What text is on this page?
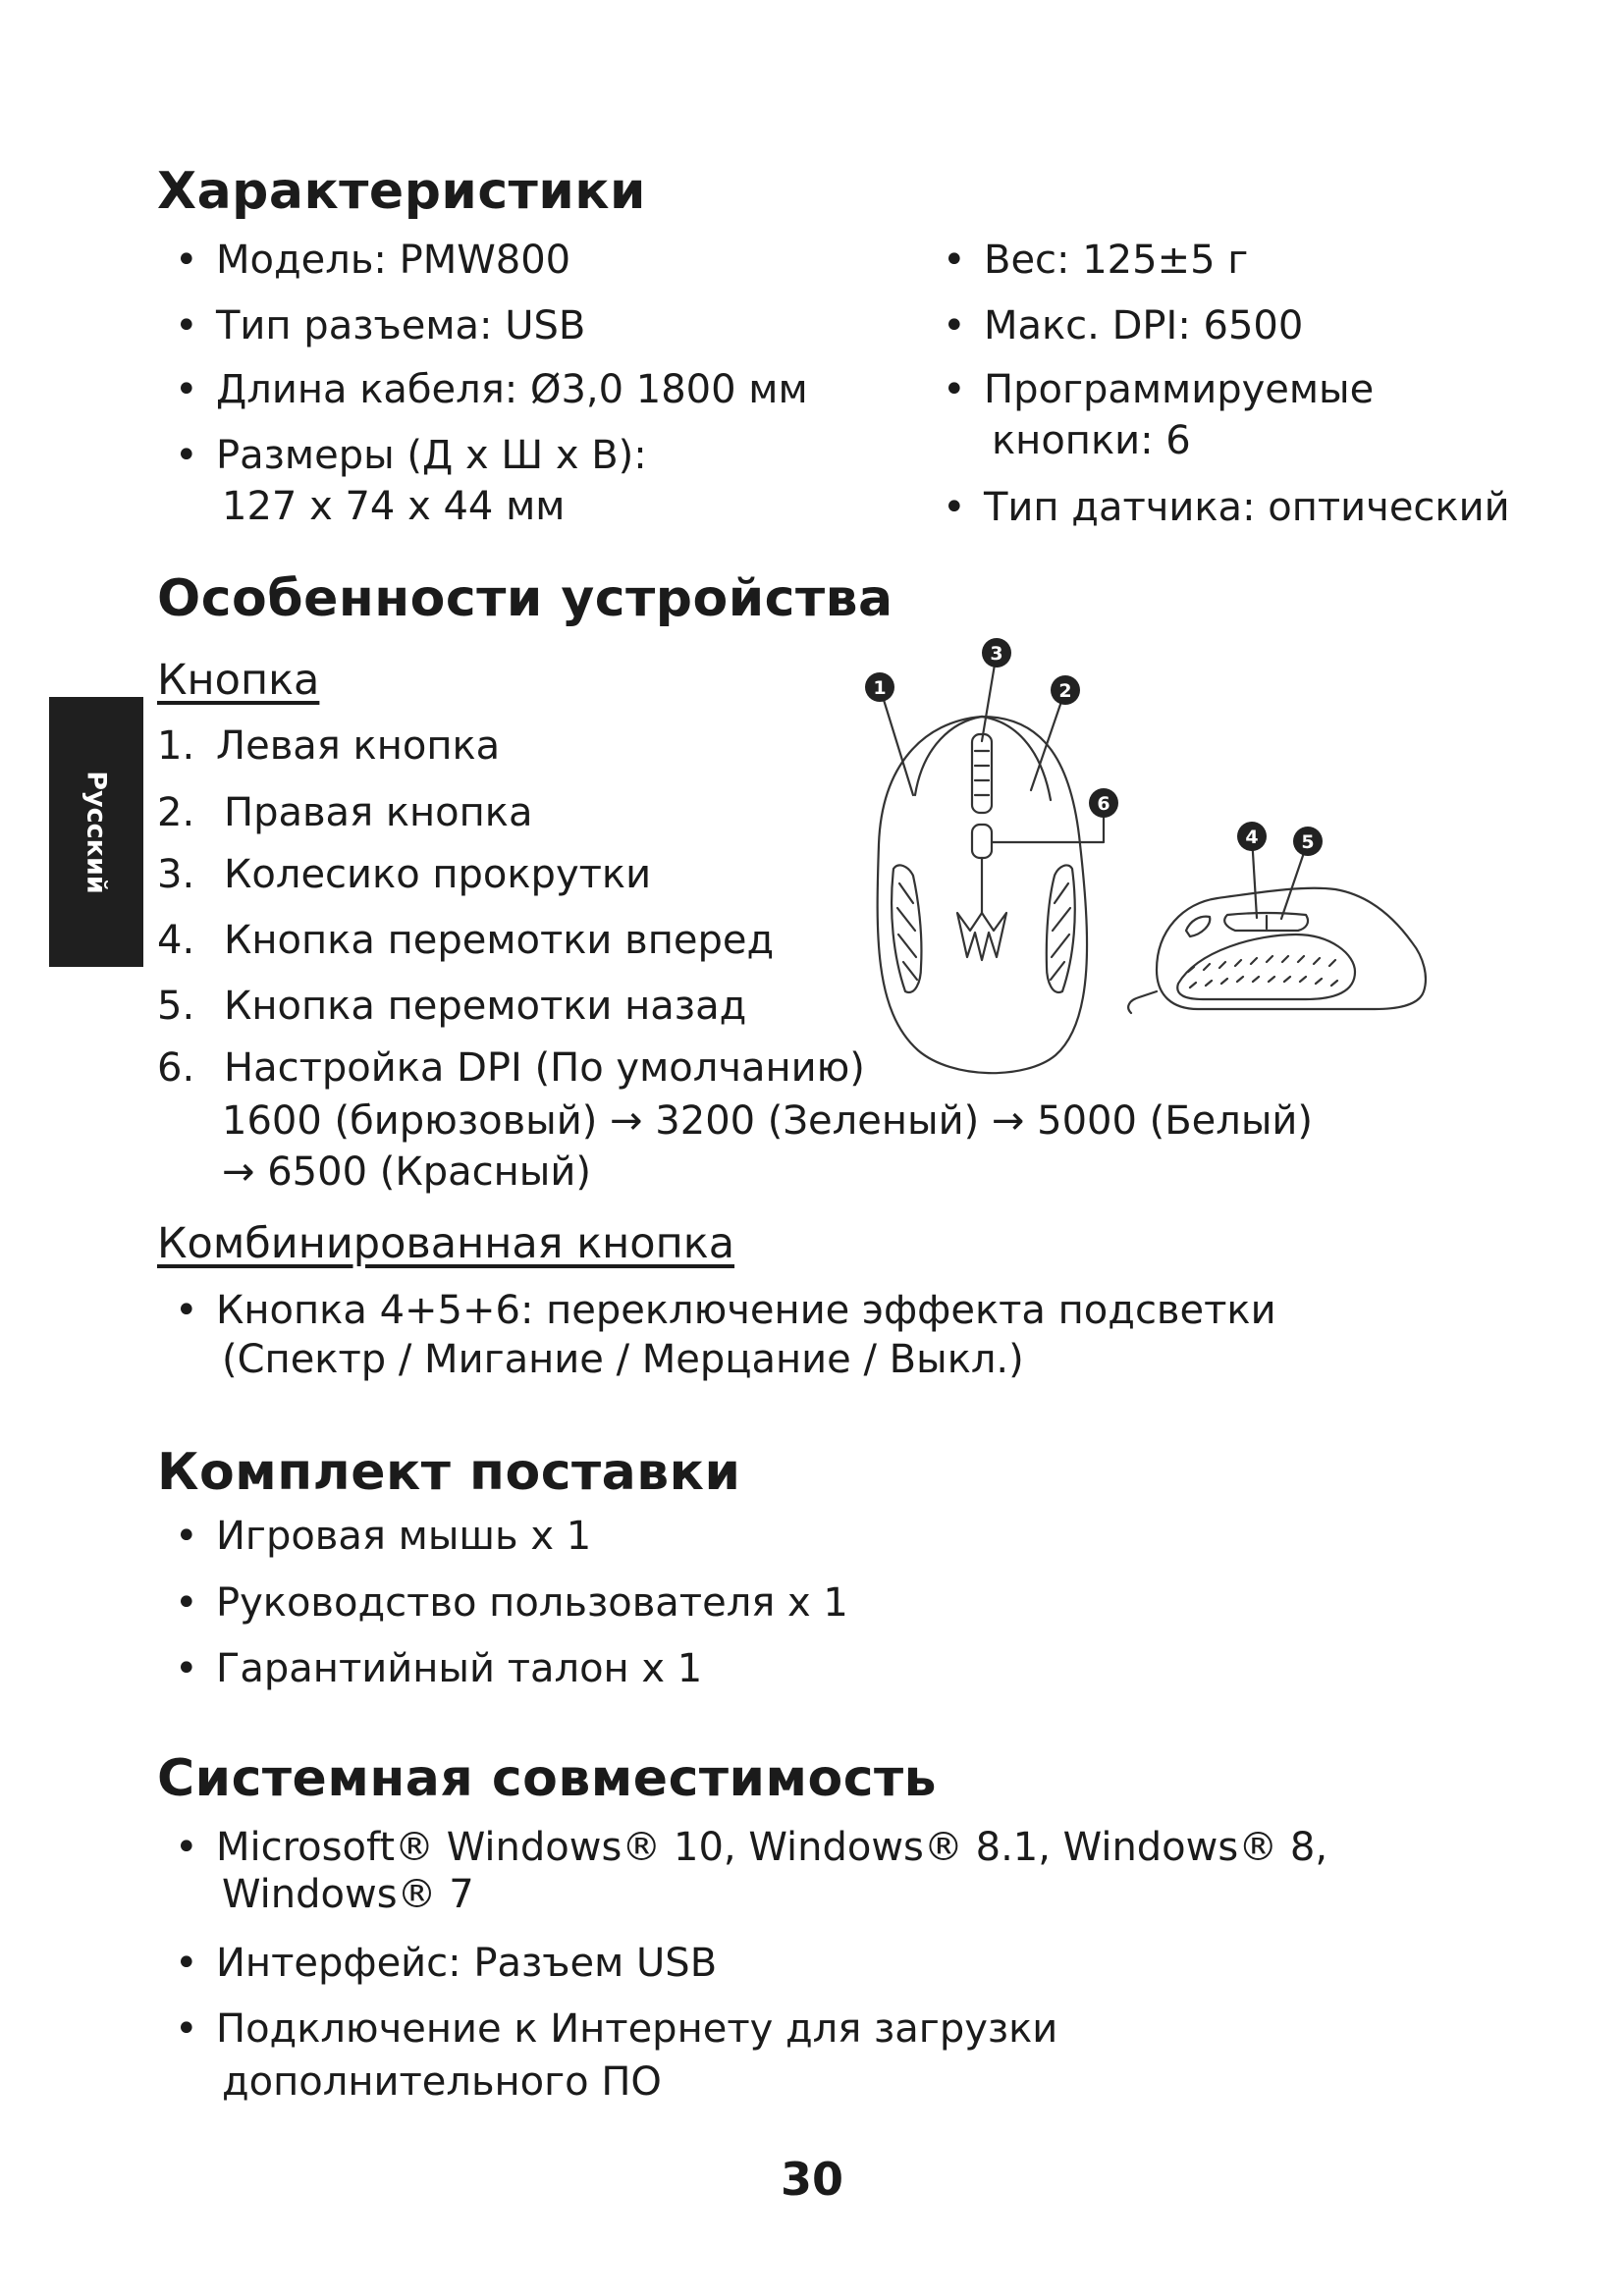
Русский
Характеристики
• Модель: PMW800
• Тип разъема: USB
• Длина кабеля: Ø3,0 1800 мм
• Размеры (Д x Ш x В):
127 x 74 x 44 мм
• Вес: 125±5 г
• Макс. DPI: 6500
• Программируемые
кнопки: 6
• Тип датчика: оптический
Особенности устройства
Кнопка
1. Левая кнопка
2. Правая кнопка
3. Колесико прокрутки
4. Кнопка перемотки вперед
5. Кнопка перемотки назад
6. Настройка DPI (По умолчанию)
1600 (бирюзовый) → 3200 (Зеленый) → 5000 (Белый)
→ 6500 (Красный)
1	2
3
4 5
6
Комбинированная кнопка
• Кнопка 4+5+6: переключение эффекта подсветки
(Спектр / Мигание / Мерцание / Выкл.)
Комплект поставки
• Игровая мышь x 1
• Руководство пользователя x 1
• Гарантийный талон x 1
Системная совместимость
• Microsoft® Windows® 10, Windows® 8.1, Windows® 8,
Windows® 7
• Интерфейс: Разъем USB
• Подключение к Интернету для загрузки
дополнительного ПО
30
